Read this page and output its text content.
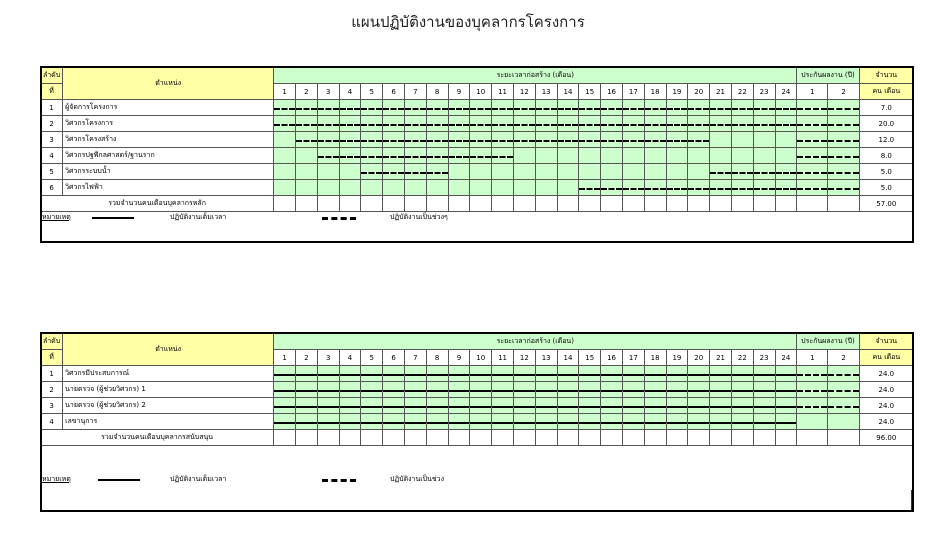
แผนปฏิบัติงานของบุคลากรโครงการ
ลำดับ	ตำแหน่ง	ระยะเวลาก่อสร้าง (เดือน)																								ประกันผลงาน (ปี)		จำนวน
ที่		1	2	3	4	5	6	7	8	9	10	11	12	13	14	15	16	17	18	19	20	21	22	23	24	1	2	คน เดือน
1	ผู้จัดการโครงการ																											7.0
2	วิศวกรโครงการ																											20.0
3	วิศวกรโครงสร้าง																											12.0
4	วิศวกรปฐพีกลศาสตร์/ฐานราก																											8.0
5	วิศวกรระบบน้ำ																											5.0
6	วิศวกรไฟฟ้า																											5.0
รวมจำนวนคนเดือนบุคลากรหลัก																												57.00
หมายเหตุ	ปฏิบัติงานเต็มเวลา	ปฏิบัติงานเป็นช่วงๆ
ลำดับ	ตำแหน่ง	ระยะเวลาก่อสร้าง (เดือน)																								ประกันผลงาน (ปี)		จำนวน
ที่		1	2	3	4	5	6	7	8	9	10	11	12	13	14	15	16	17	18	19	20	21	22	23	24	1	2	คน เดือน
1	วิศวกรมีประสบการณ์																											24.0
2	นายตรวจ (ผู้ช่วยวิศวกร) 1																											24.0
3	นายตรวจ (ผู้ช่วยวิศวกร) 2																											24.0
4	เลขานุการ																											24.0
รวมจำนวนคนเดือนบุคลากรสนับสนุน																												96.00
หมายเหตุ	ปฏิบัติงานเต็มเวลา	ปฏิบัติงานเป็นช่วง
